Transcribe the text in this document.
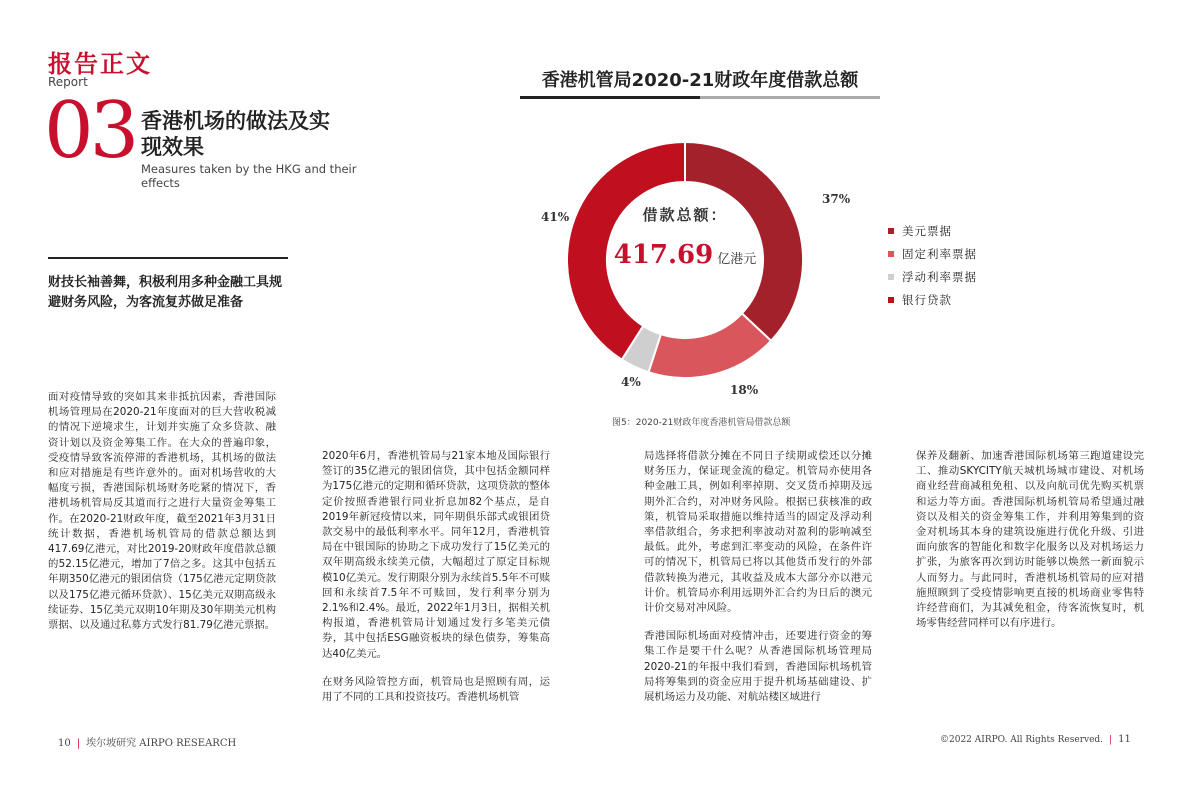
报告正文
Report
03 香港机场的做法及实现效果
Measures taken by the HKG and their effects
财技长袖善舞，积极利用多种金融工具规避财务风险，为客流复苏做足准备

面对疫情导致的突如其来非抵抗因素，香港国际机场管理局在2020-21年度面对的巨大营收税减的情况下逆境求生，计划并实施了众多贷款、融资计划以及资金筹集工作。在大众的普遍印象，受疫情导致客流停滞的香港机场，其机场的做法和应对措施是有些许意外的。面对机场营收的大幅度亏损，香港国际机场财务吃紧的情况下，香港机场机管局反其道而行之进行大量资金筹集工作。在2020-21财政年度，截至2021年3月31日统计数据，香港机场机管局的借款总额达到417.69亿港元，对比2019-20财政年度借款总额的52.15亿港元，增加了7倍之多。这其中包括五年期350亿港元的银团信贷（175亿港元定期贷款以及175亿港元循环贷款）、15亿美元双期高级永续证券、15亿美元双期10年期及30年期美元机构票据、以及通过私募方式发行81.79亿港元票据。

2020年6月，香港机管局与21家本地及国际银行签订的35亿港元的银团信贷，其中包括金额同样为175亿港元的定期和循环贷款，这项贷款的整体定价按照香港银行同业折息加82个基点，是自2019年新冠疫情以来，同年期俱乐部式或银团贷款交易中的最低利率水平。同年12月，香港机管局在中银国际的协助之下成功发行了15亿美元的双年期高级永续美元债，大幅超过了原定目标规模10亿美元。发行期限分别为永续首5.5年不可赎回和永续首7.5年不可赎回，发行利率分别为2.1%和2.4%。最近，2022年1月3日，据相关机构报道，香港机管局计划通过发行多笔美元债券，其中包括ESG融资板块的绿色债券，筹集高达40亿美元。

在财务风险管控方面，机管局也是照顾有周，运用了不同的工具和投资技巧。香港机场机管

局选择将借款分摊在不同日子续期或偿还以分摊财务压力，保证现金流的稳定。机管局亦使用各种金融工具，例如利率掉期、交叉货币掉期及远期外汇合约，对冲财务风险。根据已获核准的政策，机管局采取措施以维持适当的固定及浮动利率借款组合，务求把利率波动对盈利的影响减至最低。此外，考虑到汇率变动的风险，在条件许可的情况下，机管局已将以其他货币发行的外部借款转换为港元，其收益及成本大部分亦以港元计价。机管局亦利用远期外汇合约为日后的澳元计价交易对冲风险。

香港国际机场面对疫情冲击，还要进行资金的筹集工作是要干什么呢？从香港国际机场管理局2020-21的年报中我们看到，香港国际机场机管局将筹集到的资金应用于提升机场基础建设、扩展机场运力及功能、对航站楼区域进行

保养及翻新、加速香港国际机场第三跑道建设完工、推动SKYCITY航天城机场城市建设、对机场商业经营商减租免租、以及向航司优先购买机票和运力等方面。香港国际机场机管局希望通过融资以及相关的资金筹集工作，并利用筹集到的资金对机场其本身的建筑设施进行优化升级、引进面向旅客的智能化和数字化服务以及对机场运力扩张，为旅客再次到访时能够以焕然一新面貌示人而努力。与此同时，香港机场机管局的应对措施照顾到了受疫情影响更直接的机场商业零售特许经营商们，为其减免租金，待客流恢复时，机场零售经营同样可以有序进行。

香港机管局2020-21财政年度借款总额
37%
18%
4%
41%	借款总额：
417.69 亿港元
美元票据
固定利率票据
浮动利率票据
银行贷款
图5：2020-21财政年度香港机管局借款总额
10 | 埃尔坡研究 AIRPO RESEARCH	©2022 AIRPO. All Rights Reserved. | 11
